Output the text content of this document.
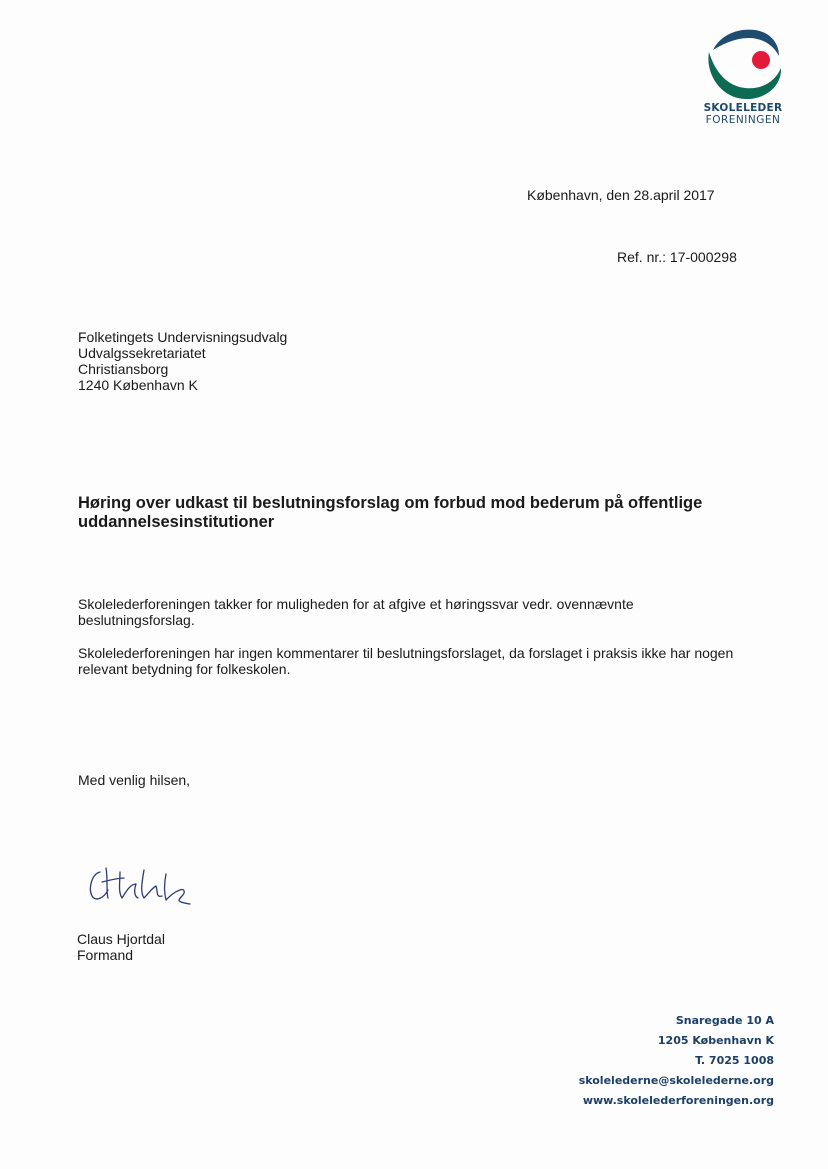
SKOLELEDER
FORENINGEN
København, den 28.april 2017
Ref. nr.: 17-000298
Folketingets Undervisningsudvalg
Udvalgssekretariatet
Christiansborg
1240 København K
Høring over udkast til beslutningsforslag om forbud mod bederum på offentlige uddannelsesinstitutioner
Skolelederforeningen takker for muligheden for at afgive et høringssvar vedr. ovennævnte beslutningsforslag.
Skolelederforeningen har ingen kommentarer til beslutningsforslaget, da forslaget i praksis ikke har nogen relevant betydning for folkeskolen.
Med venlig hilsen,
Claus Hjortdal
Formand
Snaregade 10 A
1205 København K
T. 7025 1008
skolelederne@skolelederne.org
www.skolelederforeningen.org
